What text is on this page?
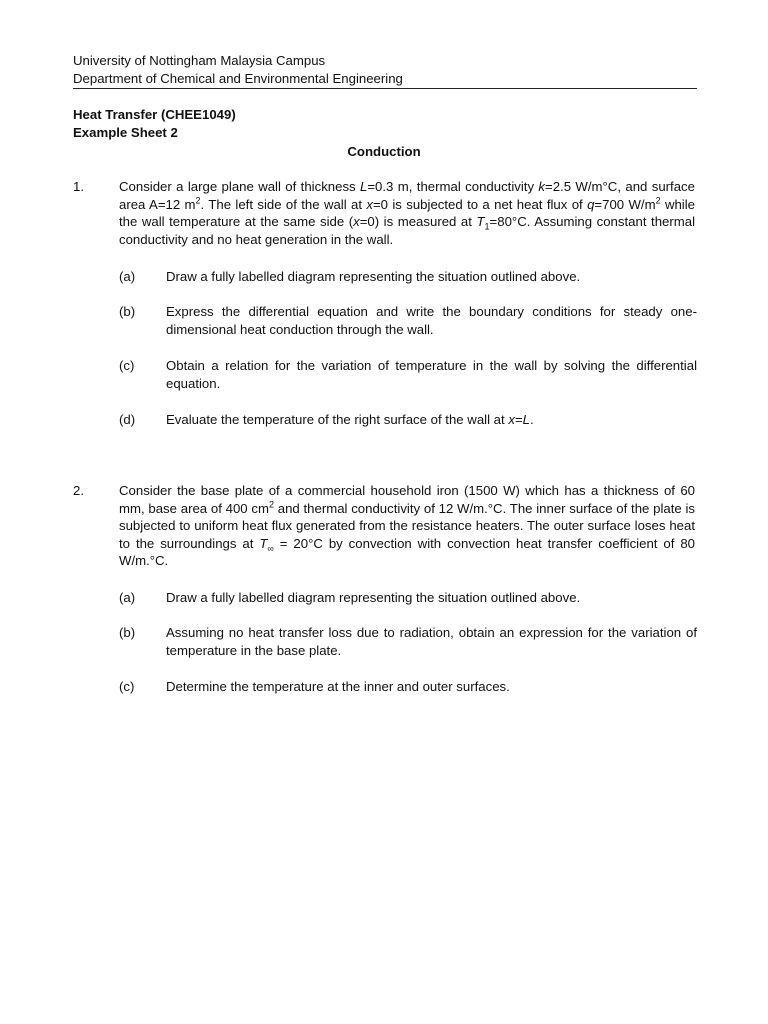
University of Nottingham Malaysia Campus
Department of Chemical and Environmental Engineering
Heat Transfer (CHEE1049)
Example Sheet 2
Conduction
1.	Consider a large plane wall of thickness L=0.3 m, thermal conductivity k=2.5 W/m°C, and surface area A=12 $m^2$. The left side of the wall at x=0 is subjected to a net heat flux of q=700 $W/m^2$ while the wall temperature at the same side (x=0) is measured at $T_1=80^\circ C$. Assuming constant thermal conductivity and no heat generation in the wall.
(a)	Draw a fully labelled diagram representing the situation outlined above.
(b)	Express the differential equation and write the boundary conditions for steady one-dimensional heat conduction through the wall.
(c)	Obtain a relation for the variation of temperature in the wall by solving the differential equation.
(d)	Evaluate the temperature of the right surface of the wall at x=L.
2.	Consider the base plate of a commercial household iron (1500 W) which has a thickness of 60 mm, base area of 400 $cm^2$ and thermal conductivity of 12 W/m.°C. The inner surface of the plate is subjected to uniform heat flux generated from the resistance heaters. The outer surface loses heat to the surroundings at $T_\infty = 20^\circ C$ by convection with convection heat transfer coefficient of 80 W/m.°C.
(a)	Draw a fully labelled diagram representing the situation outlined above.
(b)	Assuming no heat transfer loss due to radiation, obtain an expression for the variation of temperature in the base plate.
(c)	Determine the temperature at the inner and outer surfaces.
